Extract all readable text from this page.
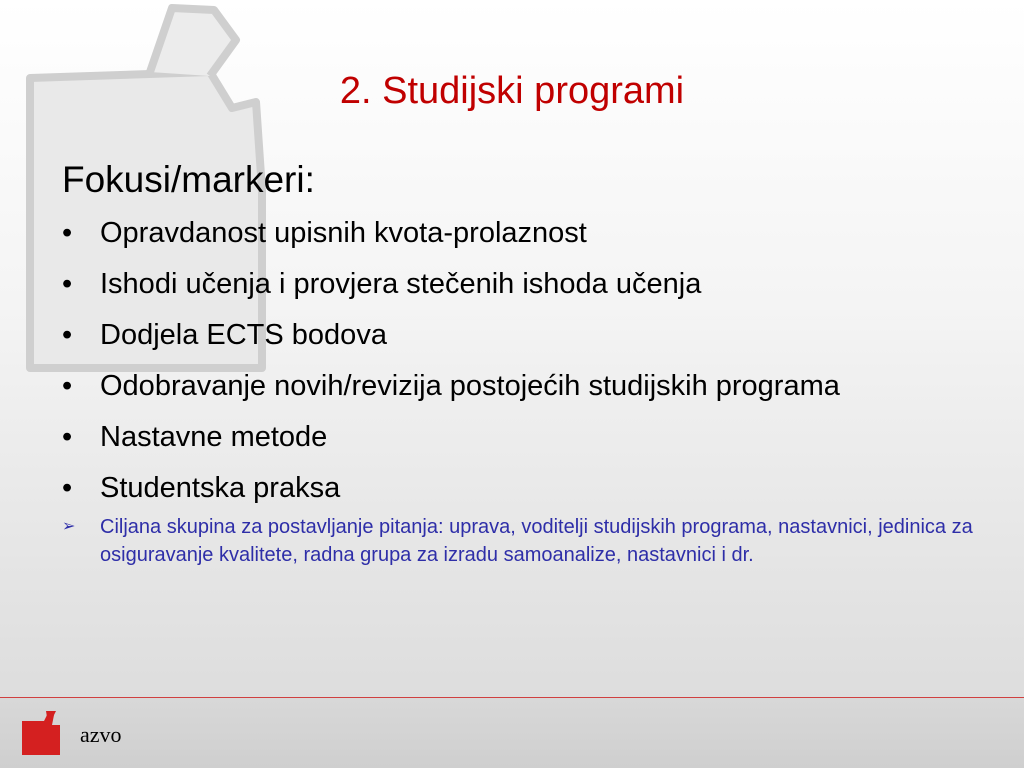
2. Studijski programi
Fokusi/markeri:
• Opravdanost upisnih kvota-prolaznost
• Ishodi učenja i provjera stečenih ishoda učenja
• Dodjela ECTS bodova
• Odobravanje novih/revizija postojećih studijskih programa
• Nastavne metode
• Studentska praksa
➢ Ciljana skupina za postavljanje pitanja: uprava, voditelji studijskih programa, nastavnici, jedinica za osiguravanje kvalitete, radna grupa za izradu samoanalize, nastavnici i dr.
azvo
